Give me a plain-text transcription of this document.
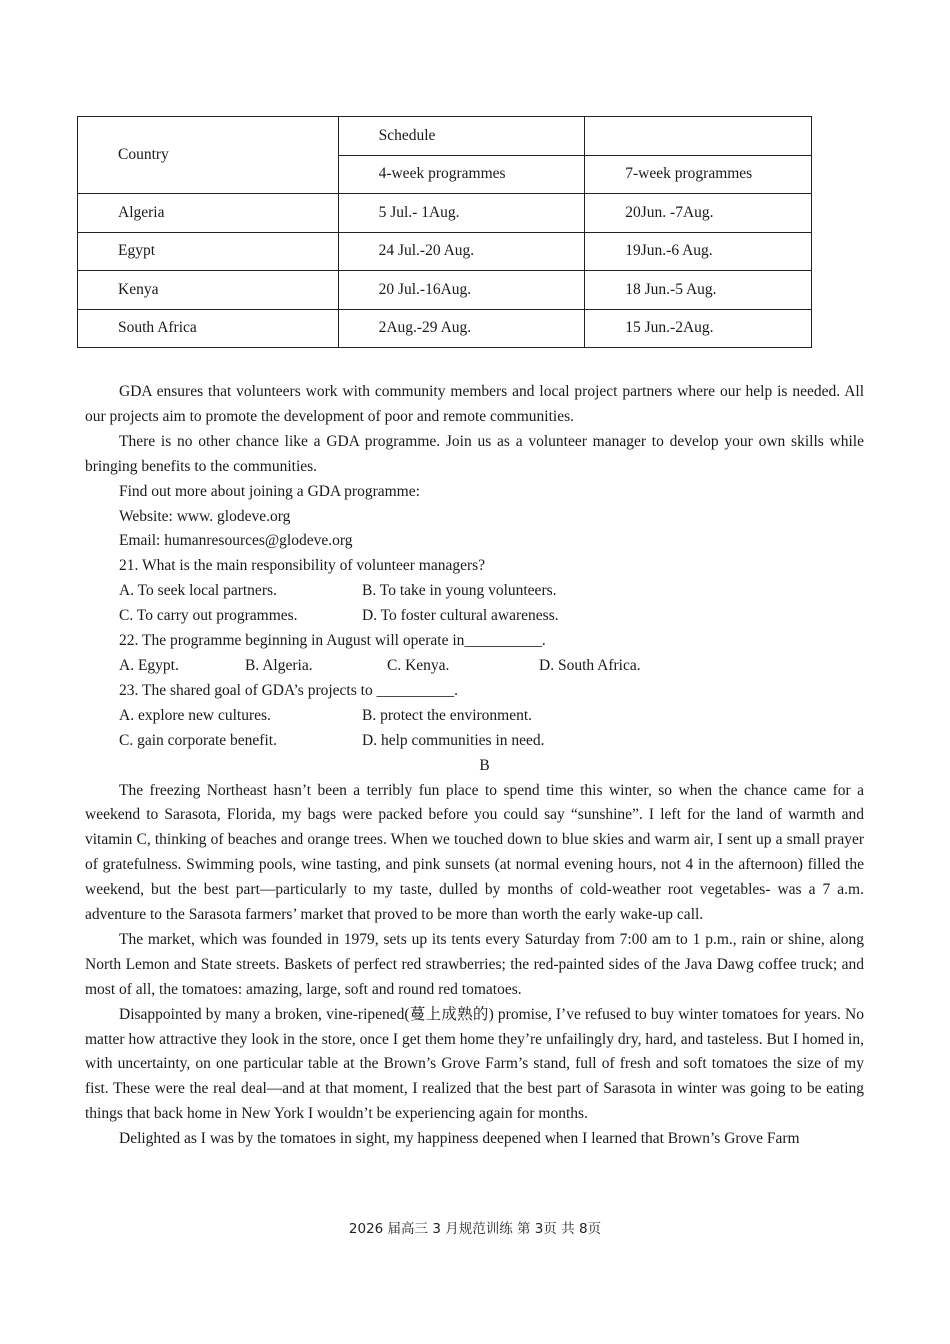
Country	Schedule	
	4-week programmes	7-week programmes
Algeria	5 Jul.- 1Aug.	20Jun. -7Aug.
Egypt	24 Jul.-20 Aug.	19Jun.-6 Aug.
Kenya	20 Jul.-16Aug.	18 Jun.-5 Aug.
South Africa	2Aug.-29 Aug.	15 Jun.-2Aug.

GDA ensures that volunteers work with community members and local project partners where our help is needed. All our projects aim to promote the development of poor and remote communities.

There is no other chance like a GDA programme. Join us as a volunteer manager to develop your own skills while bringing benefits to the communities.

Find out more about joining a GDA programme:

Website: www. glodeve.org

Email: humanresources@glodeve.org

21. What is the main responsibility of volunteer managers?

A. To seek local partners.	B. To take in young volunteers.

C. To carry out programmes.	D. To foster cultural awareness.

22. The programme beginning in August will operate in__________.

A. Egypt.	B. Algeria.	C. Kenya.	D. South Africa.

23. The shared goal of GDA’s projects to __________.

A. explore new cultures.	B. protect the environment.

C. gain corporate benefit.	D. help communities in need.

B

The freezing Northeast hasn’t been a terribly fun place to spend time this winter, so when the chance came for a weekend to Sarasota, Florida, my bags were packed before you could say “sunshine”. I left for the land of warmth and vitamin C, thinking of beaches and orange trees. When we touched down to blue skies and warm air, I sent up a small prayer of gratefulness. Swimming pools, wine tasting, and pink sunsets (at normal evening hours, not 4 in the afternoon) filled the weekend, but the best part—particularly to my taste, dulled by months of cold-weather root vegetables- was a 7 a.m. adventure to the Sarasota farmers’ market that proved to be more than worth the early wake-up call.

The market, which was founded in 1979, sets up its tents every Saturday from 7:00 am to 1 p.m., rain or shine, along North Lemon and State streets. Baskets of perfect red strawberries; the red-painted sides of the Java Dawg coffee truck; and most of all, the tomatoes: amazing, large, soft and round red tomatoes.

Disappointed by many a broken, vine-ripened(蔓上成熟的) promise, I’ve refused to buy winter tomatoes for years. No matter how attractive they look in the store, once I get them home they’re unfailingly dry, hard, and tasteless. But I homed in, with uncertainty, on one particular table at the Brown’s Grove Farm’s stand, full of fresh and soft tomatoes the size of my fist. These were the real deal—and at that moment, I realized that the best part of Sarasota in winter was going to be eating things that back home in New York I wouldn’t be experiencing again for months.

Delighted as I was by the tomatoes in sight, my happiness deepened when I learned that Brown’s Grove Farm

2026 届高三 3 月规范训练 第 3页 共 8页
